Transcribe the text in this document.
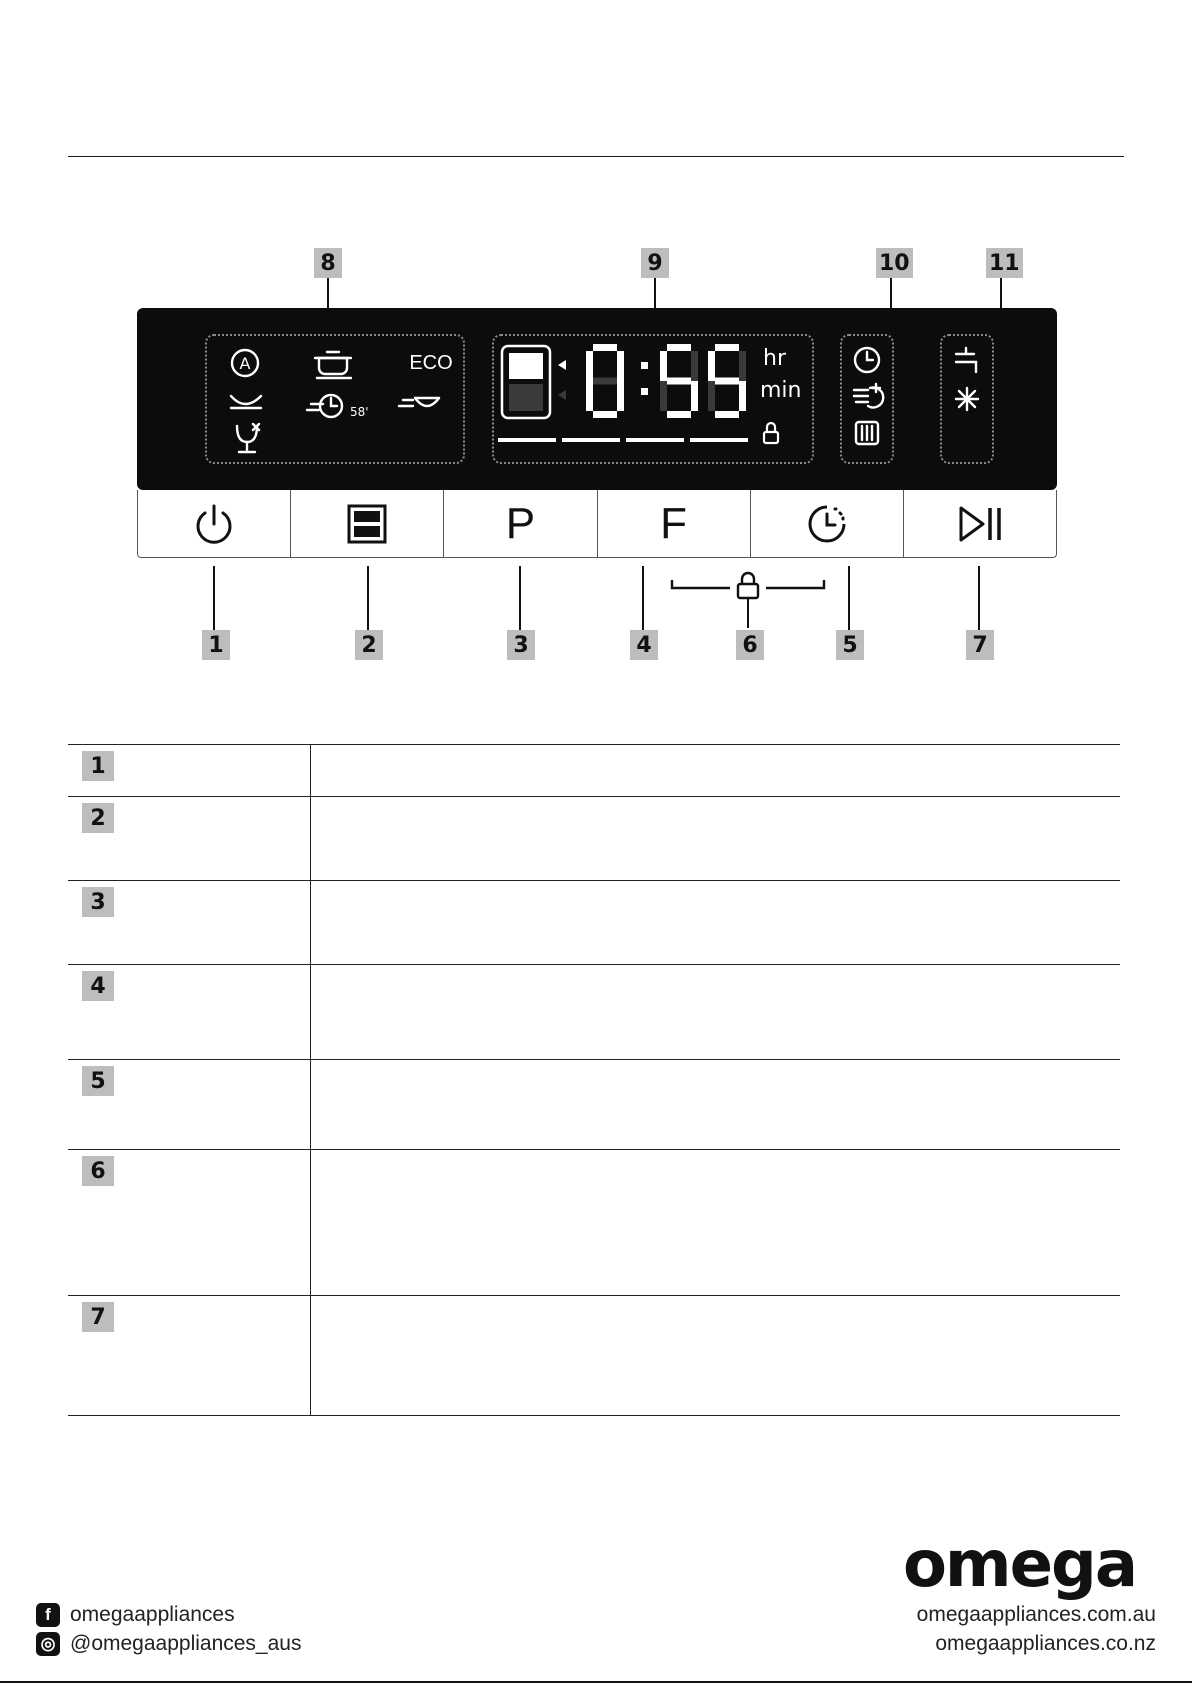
8	9	10	11
A	ECO
58'
hr
min
P	F
1	2	3	4	6	5	7
1	
2	
3	
4	
5	
6	
7	
omega
f omegaappliances
◎ @omegaappliances_aus
omegaappliances.com.au
omegaappliances.co.nz
